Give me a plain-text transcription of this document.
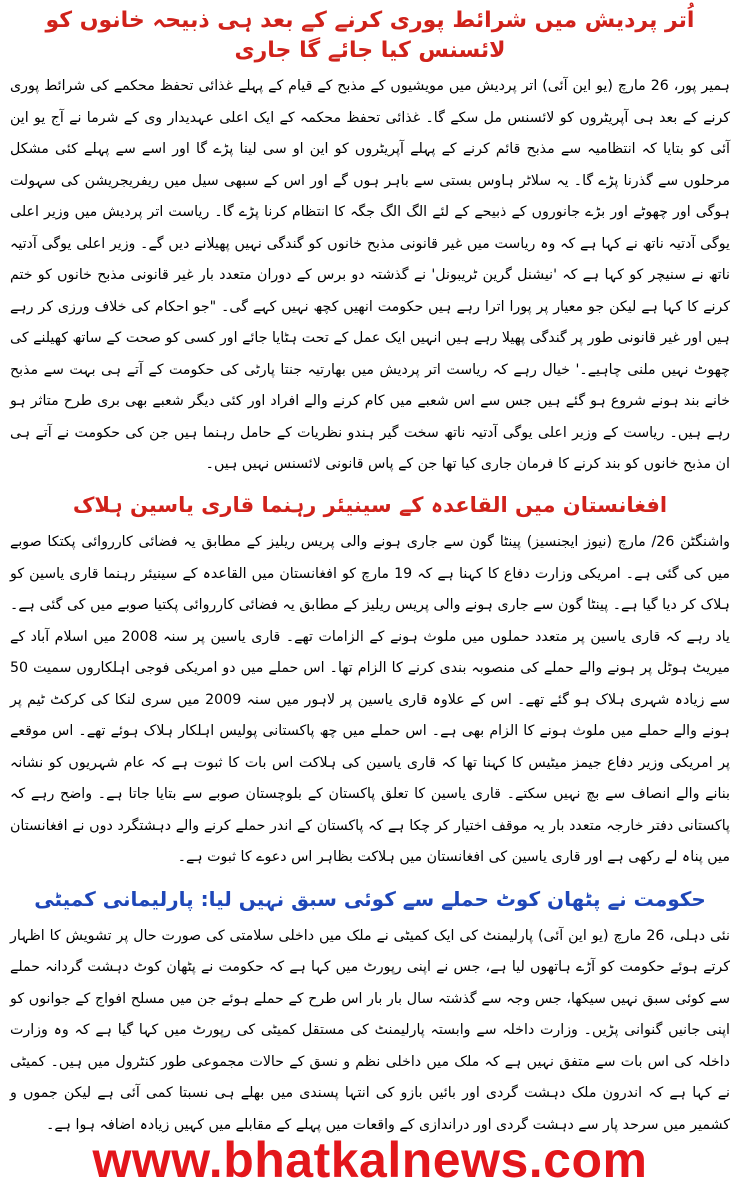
اُتر پردیش میں شرائط پوری کرنے کے بعد ہی ذبیحہ خانوں کو لائسنس کیا جائے گا جاری

ہمیر پور، 26 مارچ (یو این آئی) اتر پردیش میں مویشیوں کے مذبح کے قیام کے پہلے غذائی تحفظ محکمے کی شرائط پوری کرنے کے بعد ہی آپریٹروں کو لائسنس مل سکے گا۔ غذائی تحفظ محکمہ کے ایک اعلی عہدیدار وی کے شرما نے آج یو این آئی کو بتایا کہ انتظامیہ سے مذبح قائم کرنے کے پہلے آپریٹروں کو این او سی لینا پڑے گا اور اسے سے پہلے کئی مشکل مرحلوں سے گذرنا پڑے گا۔ یہ سلاٹر ہاوس بستی سے باہر ہوں گے اور اس کے سبھی سیل میں ریفریجریشن کی سہولت ہوگی اور چھوٹے اور بڑے جانوروں کے ذبیحے کے لئے الگ الگ جگہ کا انتظام کرنا پڑے گا۔ ریاست اتر پردیش میں وزیر اعلی یوگی آدتیہ ناتھ نے کہا ہے کہ وہ ریاست میں غیر قانونی مذبح خانوں کو گندگی نہیں پھیلانے دیں گے۔ وزیر اعلی یوگی آدتیہ ناتھ نے سنیچر کو کہا ہے کہ 'نیشنل گرین ٹریبونل' نے گذشتہ دو برس کے دوران متعدد بار غیر قانونی مذبح خانوں کو ختم کرنے کا کہا ہے لیکن جو معیار پر پورا اترا رہے ہیں حکومت انھیں کچھ نہیں کہے گی۔ "جو احکام کی خلاف ورزی کر رہے ہیں اور غیر قانونی طور پر گندگی پھیلا رہے ہیں انہیں ایک عمل کے تحت ہٹایا جائے اور کسی کو صحت کے ساتھ کھیلنے کی چھوٹ نہیں ملنی چاہیے۔' خیال رہے کہ ریاست اتر پردیش میں بھارتیہ جنتا پارٹی کی حکومت کے آتے ہی بہت سے مذبح خانے بند ہونے شروع ہو گئے ہیں جس سے اس شعبے میں کام کرنے والے افراد اور کئی دیگر شعبے بھی بری طرح متاثر ہو رہے ہیں۔ ریاست کے وزیر اعلی یوگی آدتیہ ناتھ سخت گیر ہندو نظریات کے حامل رہنما ہیں جن کی حکومت نے آتے ہی ان مذبح خانوں کو بند کرنے کا فرمان جاری کیا تھا جن کے پاس قانونی لائسنس نہیں ہیں۔

افغانستان میں القاعدہ کے سینیئر رہنما قاری یاسین ہلاک

واشنگٹن 26/ مارچ (نیوز ایجنسیز) پینٹا گون سے جاری ہونے والی پریس ریلیز کے مطابق یہ فضائی کارروائی پکتکا صوبے میں کی گئی ہے۔ امریکی وزارت دفاع کا کہنا ہے کہ 19 مارچ کو افغانستان میں القاعدہ کے سینیئر رہنما قاری یاسین کو ہلاک کر دیا گیا ہے۔ پینٹا گون سے جاری ہونے والی پریس ریلیز کے مطابق یہ فضائی کارروائی پکتیا صوبے میں کی گئی ہے۔ یاد رہے کہ قاری یاسین پر متعدد حملوں میں ملوث ہونے کے الزامات تھے۔ قاری یاسین پر سنہ 2008 میں اسلام آباد کے میریٹ ہوٹل پر ہونے والے حملے کی منصوبہ بندی کرنے کا الزام تھا۔ اس حملے میں دو امریکی فوجی اہلکاروں سمیت 50 سے زیادہ شہری ہلاک ہو گئے تھے۔ اس کے علاوہ قاری یاسین پر لاہور میں سنہ 2009 میں سری لنکا کی کرکٹ ٹیم پر ہونے والے حملے میں ملوث ہونے کا الزام بھی ہے۔ اس حملے میں چھ پاکستانی پولیس اہلکار ہلاک ہوئے تھے۔ اس موقعے پر امریکی وزیر دفاع جیمز میٹیس کا کہنا تھا کہ قاری یاسین کی ہلاکت اس بات کا ثبوت ہے کہ عام شہریوں کو نشانہ بنانے والے انصاف سے بچ نہیں سکتے۔ قاری یاسین کا تعلق پاکستان کے بلوچستان صوبے سے بتایا جاتا ہے۔ واضح رہے کہ پاکستانی دفتر خارجہ متعدد بار یہ موقف اختیار کر چکا ہے کہ پاکستان کے اندر حملے کرنے والے دہشتگرد دوں نے افغانستان میں پناہ لے رکھی ہے اور قاری یاسین کی افغانستان میں ہلاکت بظاہر اس دعوے کا ثبوت ہے۔

حکومت نے پٹھان کوٹ حملے سے کوئی سبق نہیں لیا: پارلیمانی کمیٹی

نئی دہلی، 26 مارچ (یو این آئی) پارلیمنٹ کی ایک کمیٹی نے ملک میں داخلی سلامتی کی صورت حال پر تشویش کا اظہار کرتے ہوئے حکومت کو آڑے ہاتھوں لیا ہے، جس نے اپنی رپورٹ میں کہا ہے کہ حکومت نے پٹھان کوٹ دہشت گردانہ حملے سے کوئی سبق نہیں سیکھا، جس وجہ سے گذشتہ سال بار بار اس طرح کے حملے ہوئے جن میں مسلح افواج کے جوانوں کو اپنی جانیں گنوانی پڑیں۔ وزارت داخلہ سے وابستہ پارلیمنٹ کی مستقل کمیٹی کی رپورٹ میں کہا گیا ہے کہ وہ وزارت داخلہ کی اس بات سے متفق نہیں ہے کہ ملک میں داخلی نظم و نسق کے حالات مجموعی طور کنٹرول میں ہیں۔ کمیٹی نے کہا ہے کہ اندرون ملک دہشت گردی اور بائیں بازو کی انتہا پسندی میں بھلے ہی نسبتا کمی آئی ہے لیکن جموں و کشمیر میں سرحد پار سے دہشت گردی اور دراندازی کے واقعات میں پہلے کے مقابلے میں کہیں زیادہ اضافہ ہوا ہے۔

www.bhatkalnews.com
